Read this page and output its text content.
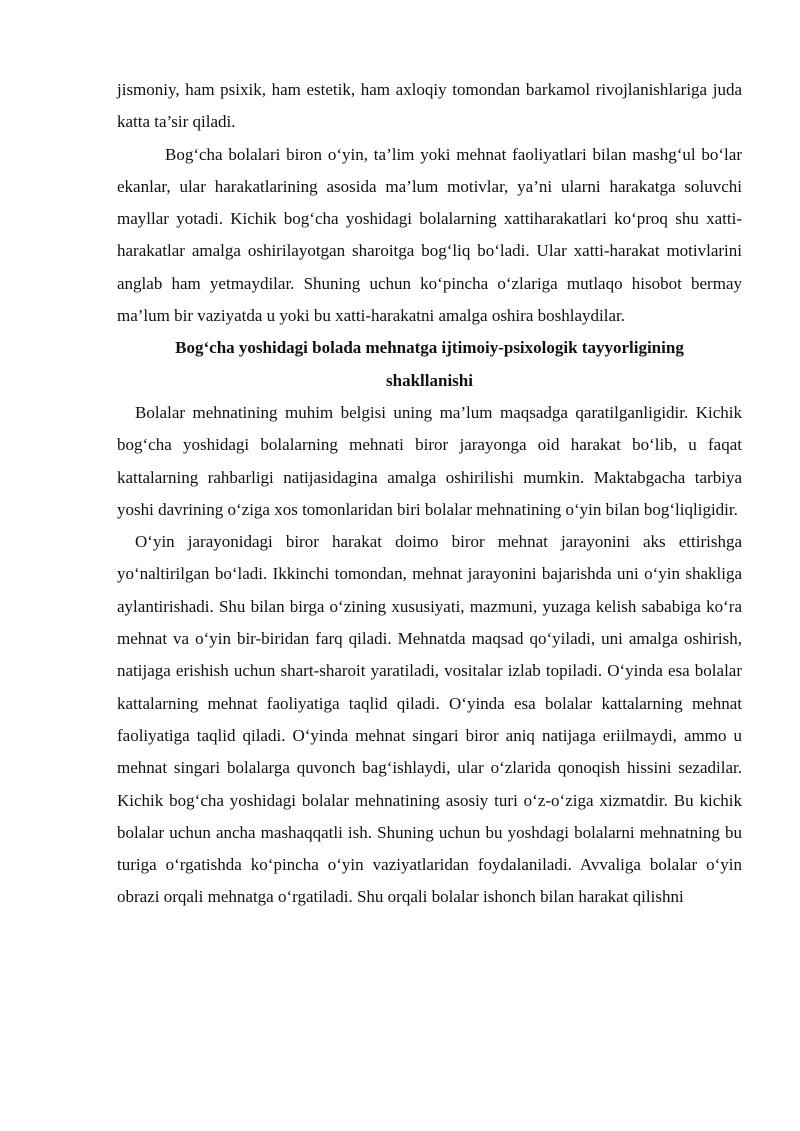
jismoniy, ham psixik, ham estetik, ham axloqiy tomondan barkamol rivojlanishlariga juda katta ta’sir qiladi.

Bog‘cha bolalari biron o‘yin, ta’lim yoki mehnat faoliyatlari bilan mashg‘ul bo‘lar ekanlar, ular harakatlarining asosida ma’lum motivlar, ya’ni ularni harakatga soluvchi mayllar yotadi. Kichik bog‘cha yoshidagi bolalarning xattiharakatlari ko‘proq shu xatti-harakatlar amalga oshirilayotgan sharoitga bog‘liq bo‘ladi. Ular xatti-harakat motivlarini anglab ham yetmaydilar. Shuning uchun ko‘pincha o‘zlariga mutlaqo hisobot bermay ma’lum bir vaziyatda u yoki bu xatti-harakatni amalga oshira boshlaydilar.

Bog‘cha yoshidagi bolada mehnatga ijtimoiy-psixologik tayyorligining shakllanishi

Bolalar mehnatining muhim belgisi uning ma’lum maqsadga qaratilganligidir. Kichik bog‘cha yoshidagi bolalarning mehnati biror jarayonga oid harakat bo‘lib, u faqat kattalarning rahbarligi natijasidagina amalga oshirilishi mumkin. Maktabgacha tarbiya yoshi davrining o‘ziga xos tomonlaridan biri bolalar mehnatining o‘yin bilan bog‘liqligidir.

O‘yin jarayonidagi biror harakat doimo biror mehnat jarayonini aks ettirishga yo‘naltirilgan bo‘ladi. Ikkinchi tomondan, mehnat jarayonini bajarishda uni o‘yin shakliga aylantirishadi. Shu bilan birga o‘zining xususiyati, mazmuni, yuzaga kelish sababiga ko‘ra mehnat va o‘yin bir-biridan farq qiladi. Mehnatda maqsad qo‘yiladi, uni amalga oshirish, natijaga erishish uchun shart-sharoit yaratiladi, vositalar izlab topiladi. O‘yinda esa bolalar kattalarning mehnat faoliyatiga taqlid qiladi. O‘yinda esa bolalar kattalarning mehnat faoliyatiga taqlid qiladi. O‘yinda mehnat singari biror aniq natijaga eriilmaydi, ammo u mehnat singari bolalarga quvonch bag‘ishlaydi, ular o‘zlarida qonoqish hissini sezadilar. Kichik bog‘cha yoshidagi bolalar mehnatining asosiy turi o‘z-o‘ziga xizmatdir. Bu kichik bolalar uchun ancha mashaqqatli ish. Shuning uchun bu yoshdagi bolalarni mehnatning bu turiga o‘rgatishda ko‘pincha o‘yin vaziyatlaridan foydalaniladi. Avvaliga bolalar o‘yin obrazi orqali mehnatga o‘rgatiladi. Shu orqali bolalar ishonch bilan harakat qilishni
